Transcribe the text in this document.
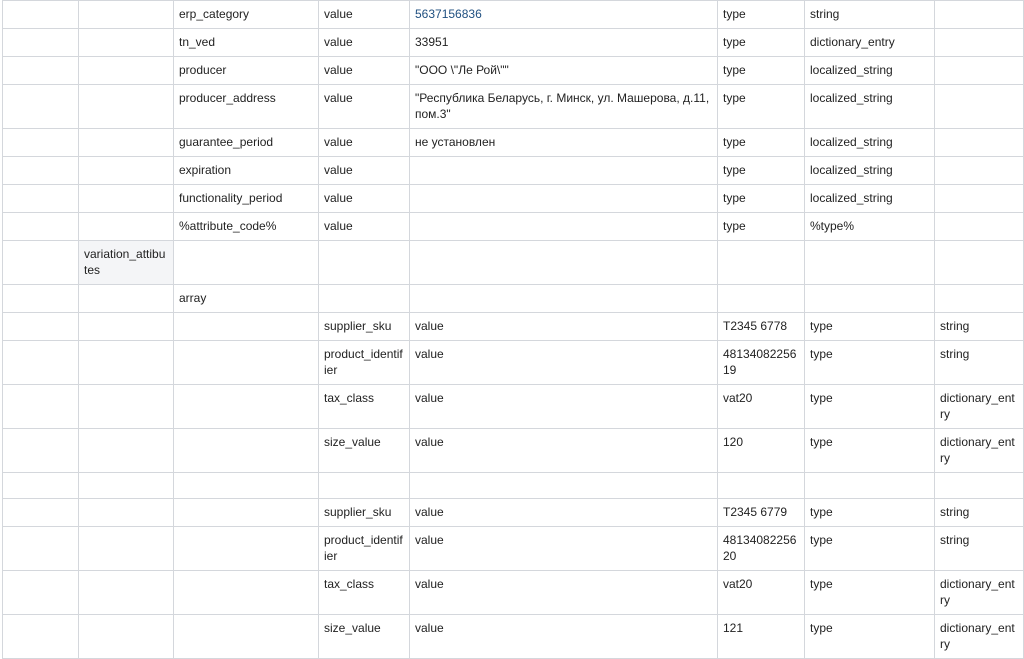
		erp_category	value	5637156836	type	string	
		tn_ved	value	33951	type	dictionary_entry	
		producer	value	"ООО \"Ле Рой\""	type	localized_string	
		producer_address	value	"Республика Беларусь, г. Минск, ул. Машерова, д.11, пом.3"	type	localized_string	
		guarantee_period	value	не установлен	type	localized_string	
		expiration	value		type	localized_string	
		functionality_period	value		type	localized_string	
		%attribute_code%	value		type	%type%	
	variation_attibutes						
		array					
			supplier_sku	value	T2345 6778	type	string
			product_identifier	value	4813408225619	type	string
			tax_class	value	vat20	type	dictionary_entry
			size_value	value	120	type	dictionary_entry

			supplier_sku	value	T2345 6779	type	string
			product_identifier	value	4813408225620	type	string
			tax_class	value	vat20	type	dictionary_entry
			size_value	value	121	type	dictionary_entry
